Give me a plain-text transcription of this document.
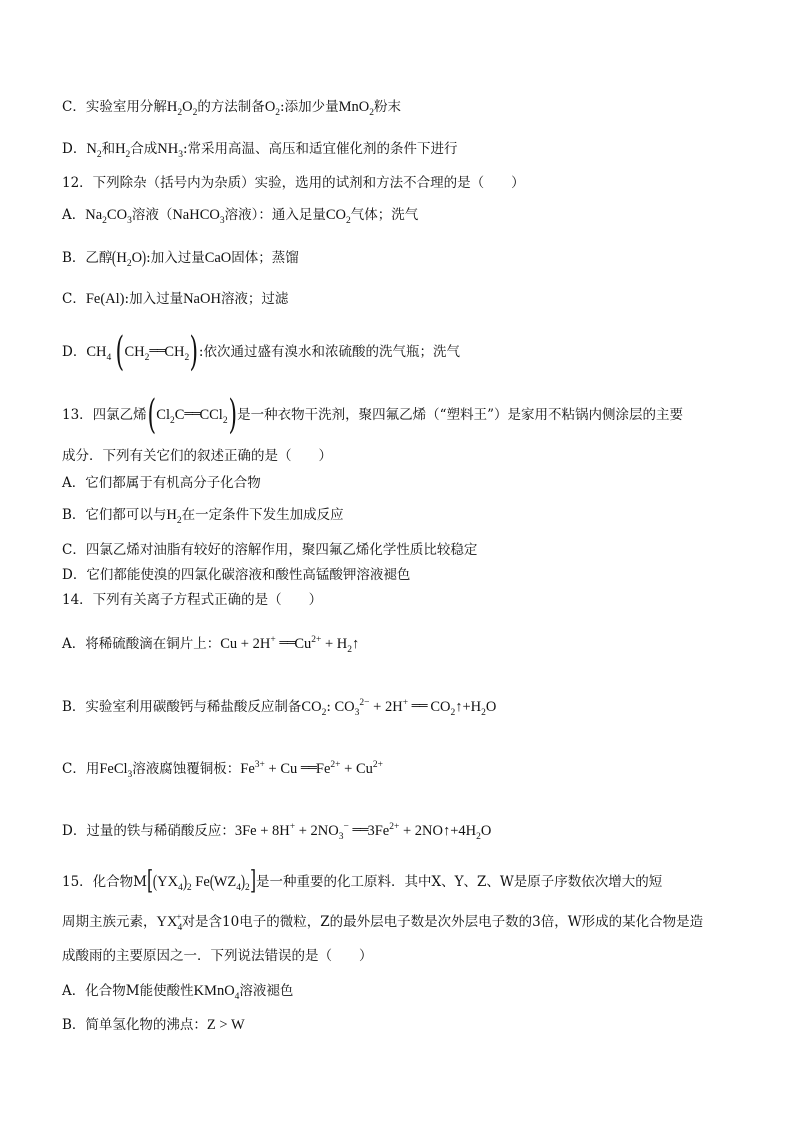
C．实验室用分解$H_2O_2$的方法制备$O_2$:添加少量MnO$_2$粉末
D．$N_2$和$H_2$合成$NH_3$:常采用高温、高压和适宜催化剂的条件下进行
12．下列除杂（括号内为杂质）实验，选用的试剂和方法不合理的是（　　）
A．$Na_2CO_3$溶液（NaHCO$_3$溶液）：通入足量$CO_2$气体；洗气
B．乙醇$(H_2O)$:加入过量CaO固体；蒸馏
C．Fe(Al):加入过量NaOH溶液；过滤
D．$CH_4$ $(CH_2══CH_2)$:依次通过盛有溴水和浓硫酸的洗气瓶；洗气
13．四氯乙烯$(Cl_2C══CCl_2)$是一种衣物干洗剂，聚四氟乙烯（“塑料王”）是家用不粘锅内侧涂层的主要
成分．下列有关它们的叙述正确的是（　　）
A．它们都属于有机高分子化合物
B．它们都可以与$H_2$在一定条件下发生加成反应
C．四氯乙烯对油脂有较好的溶解作用，聚四氟乙烯化学性质比较稳定
D．它们都能使溴的四氯化碳溶液和酸性高锰酸钾溶液褪色
14．下列有关离子方程式正确的是（　　）
A．将稀硫酸滴在铜片上：Cu + 2H+ $══Cu^{2+}$ + $H_2↑$
B．实验室利用碳酸钙与稀盐酸反应制备$CO_2$: $CO_3^{2-} + 2H^+$ ══ $CO_2↑+H_2O$
C．用FeCl$_3$溶液腐蚀覆铜板：$Fe^{3+} + Cu$ $══Fe^{2+} + Cu^{2+}$
D．过量的铁与稀硝酸反应：$3Fe + 8H^+ + 2NO_3^-$ $══3Fe^{2+}$ + $2NO↑+4H_2O$
15．化合物$M[(YX_4)_2$ $Fe(WZ_4)_2$]是一种重要的化工原料．其中X、Y、Z、W是原子序数依次增大的短
周期主族元素，$YX_4^+$对是含10电子的微粒，Z的最外层电子数是次外层电子数的3倍，W形成的某化合物是造
成酸雨的主要原因之一．下列说法错误的是（　　）
A．化合物M能使酸性KMnO$_4$溶液褪色
B．简单氢化物的沸点：Z > W
